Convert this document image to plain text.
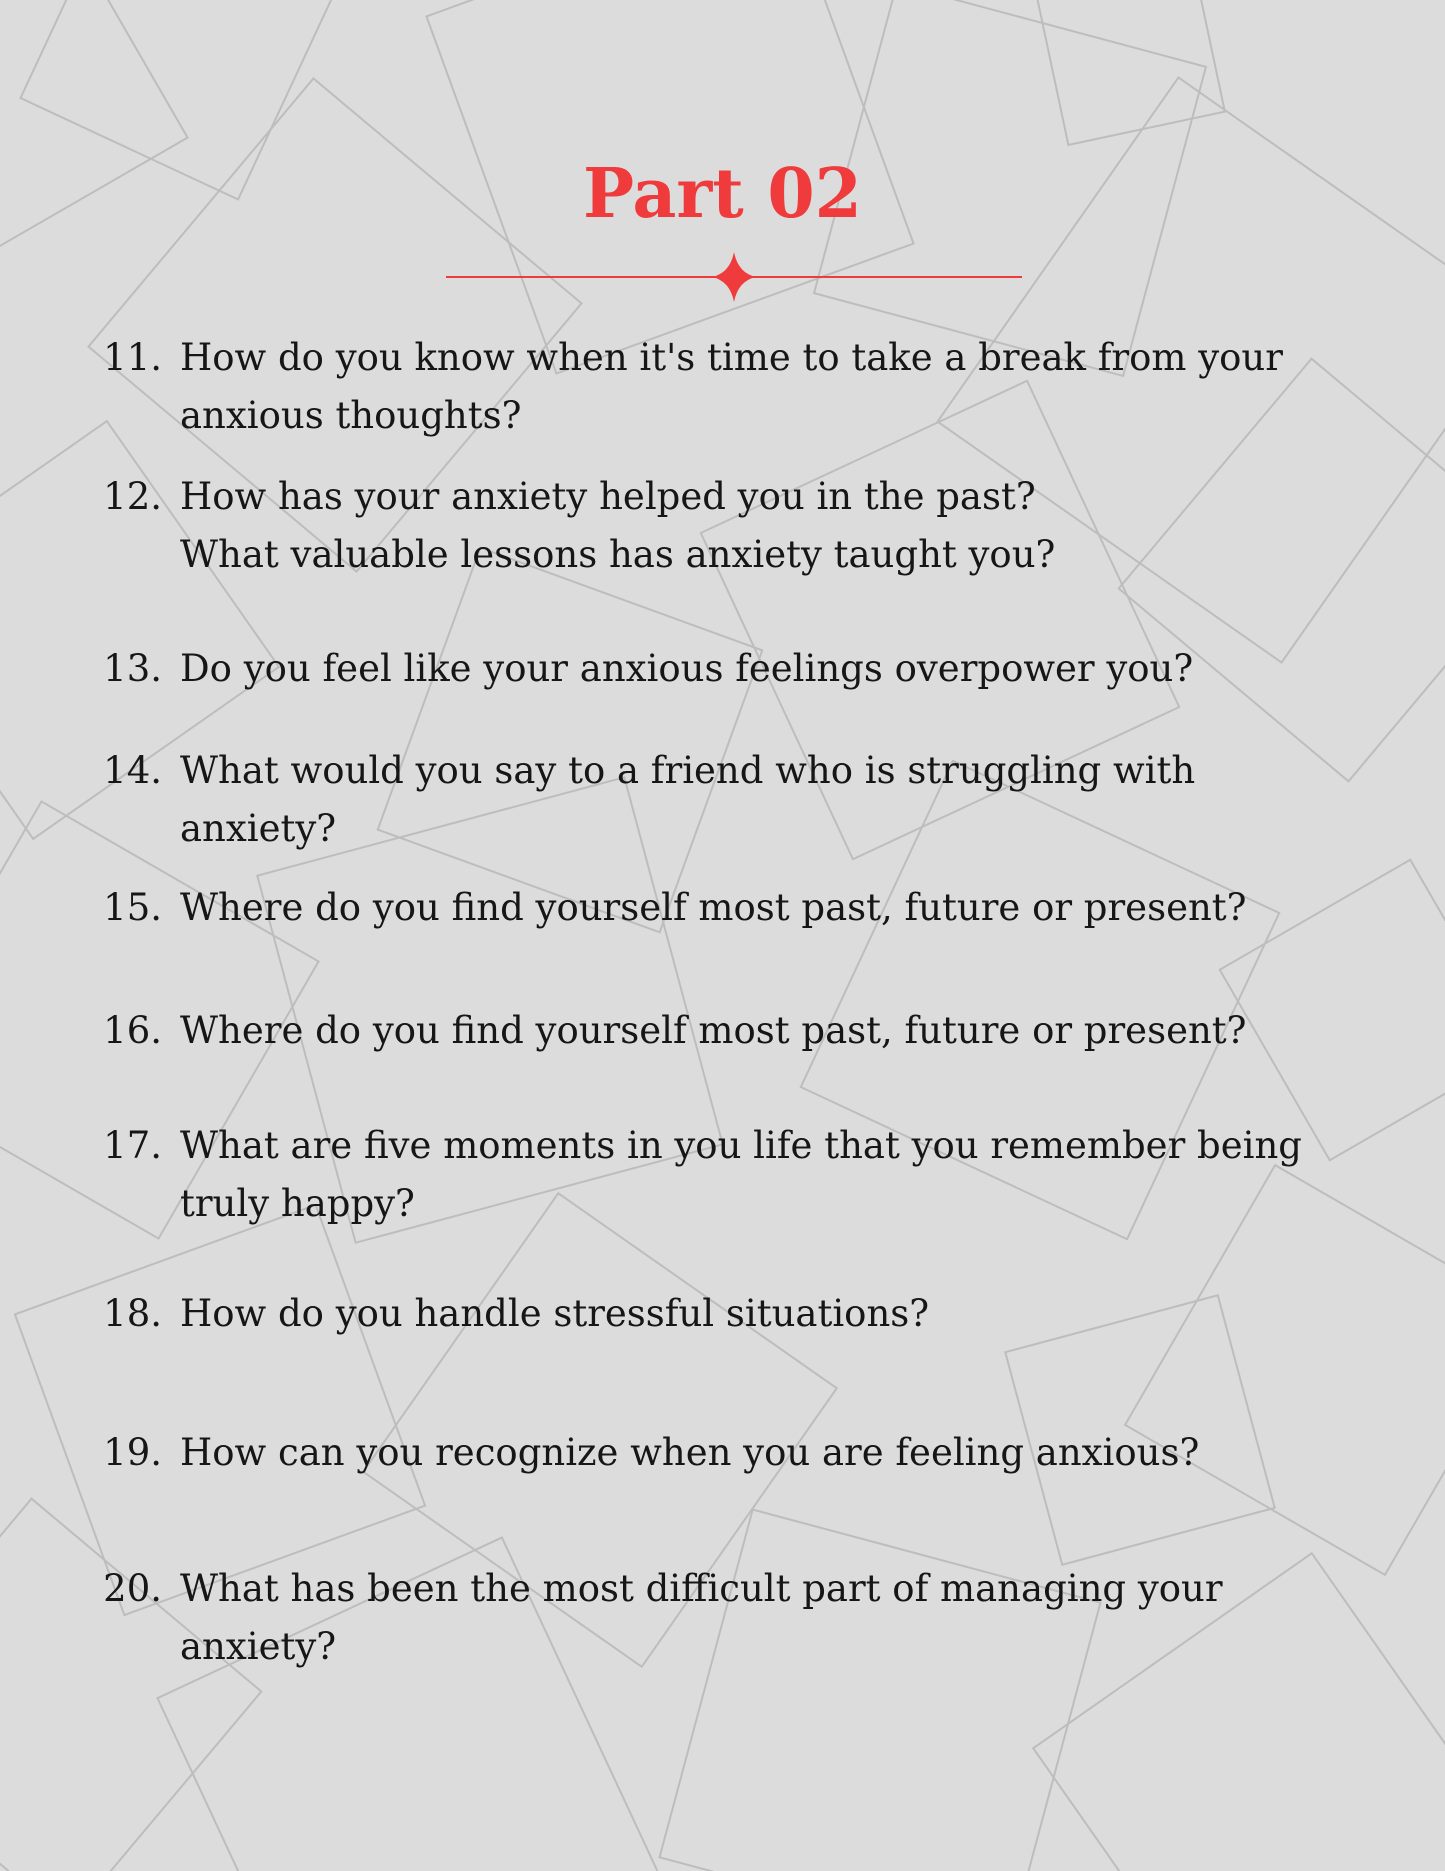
Part 02
11. How do you know when it's time to take a break from your
anxious thoughts?
12. How has your anxiety helped you in the past?
What valuable lessons has anxiety taught you?
13. Do you feel like your anxious feelings overpower you?
14. What would you say to a friend who is struggling with
anxiety?
15. Where do you find yourself most past, future or present?
16. Where do you find yourself most past, future or present?
17. What are five moments in you life that you remember being
truly happy?
18. How do you handle stressful situations?
19. How can you recognize when you are feeling anxious?
20. What has been the most difficult part of managing your
anxiety?
